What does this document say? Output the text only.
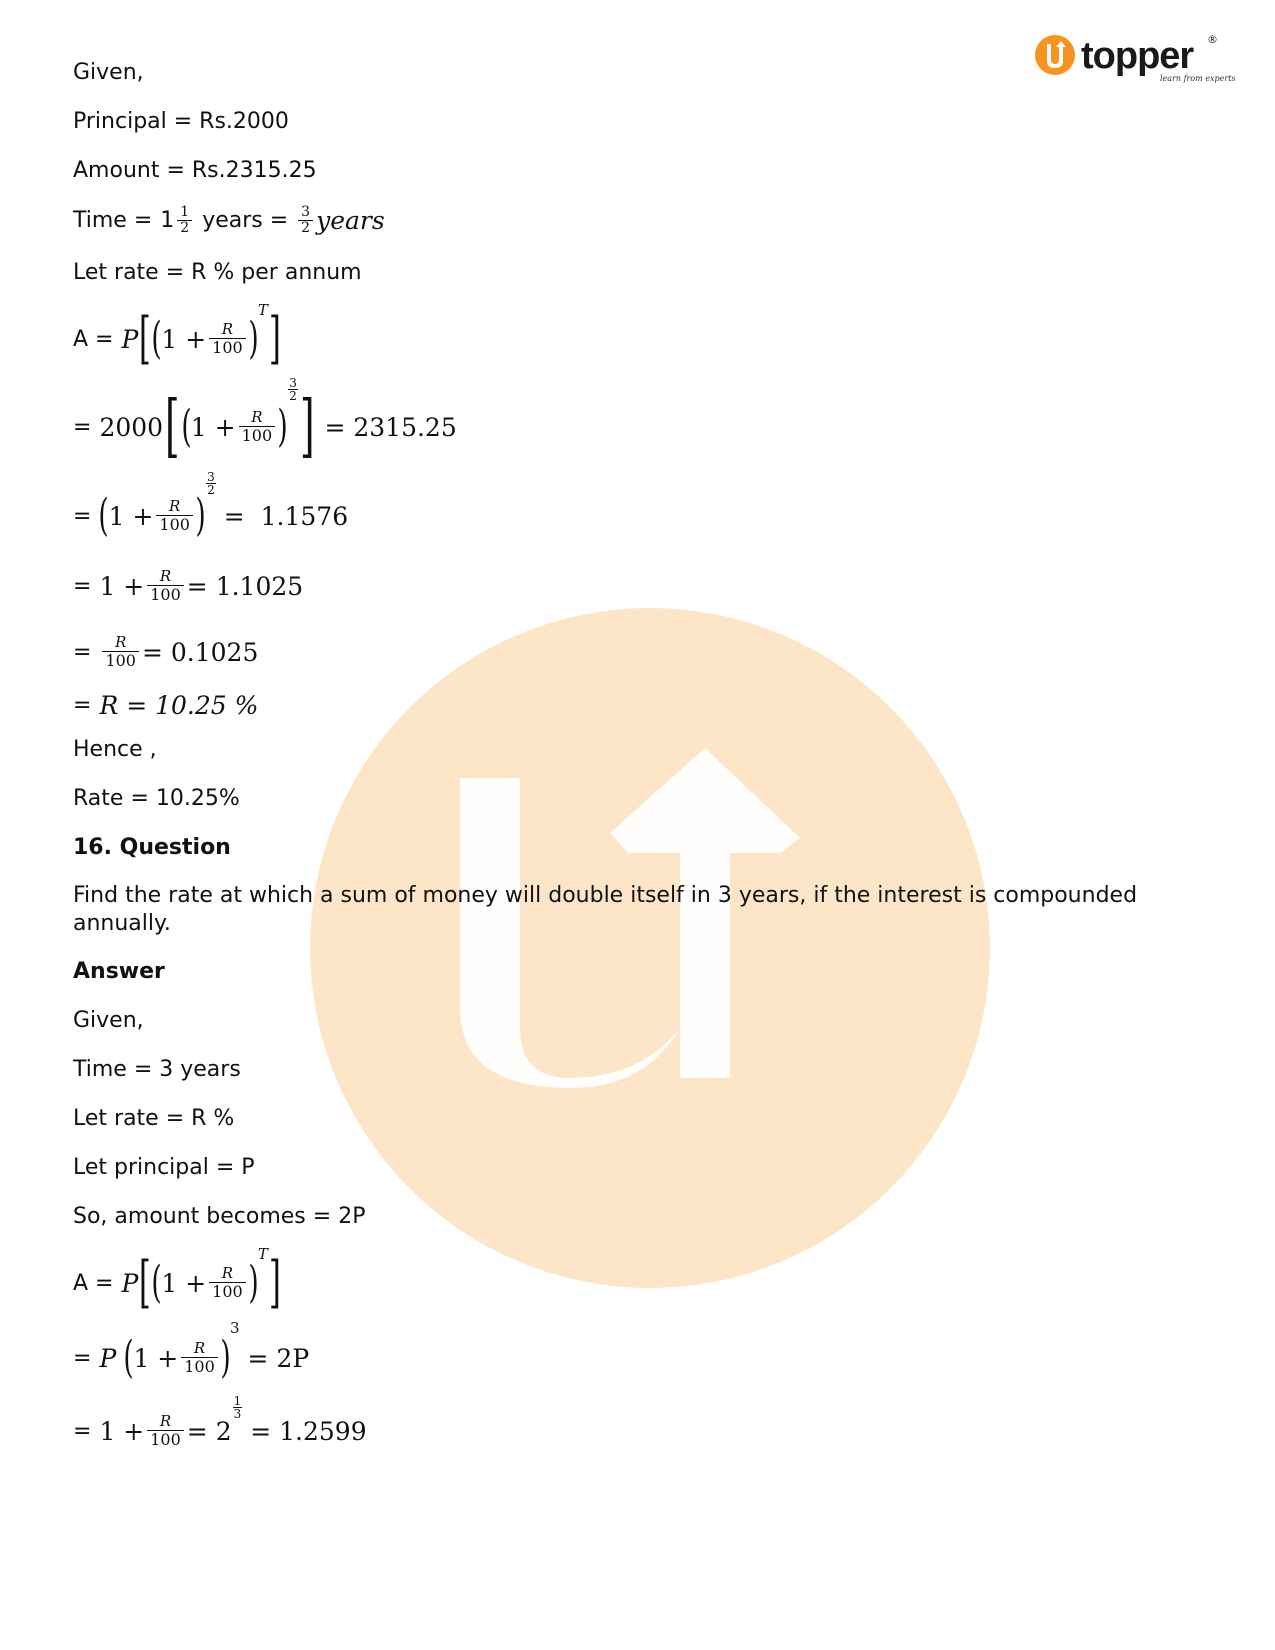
topper ®
learn from experts
Given,
Principal = Rs.2000
Amount = Rs.2315.25
Time = $1 \frac{1}{2}$ years = $\frac{3}{2}$ years
Let rate = R % per annum
A = P [ ( $1 + \frac{R}{100}$ )
T ]
= 2000 [ ( $1 + \frac{R}{100}$ )
3
2 ] = 2315.25
= ( $1 + \frac{R}{100}$ )
3
2
=  1.1576
= $1 + \frac{R}{100} = 1.1025$
= $\frac{R}{100} = 0.1025$
= R = 10.25 %
Hence ,
Rate = 10.25%
16. Question
Find the rate at which a sum of money will double itself in 3 years, if the interest is compounded annually.
Answer
Given,
Time = 3 years
Let rate = R %
Let principal = P
So, amount becomes = 2P
A = P [ ( $1 + \frac{R}{100}$ )
T ]
= P ( $1 + \frac{R}{100}$ )
3
= 2P
= $1 + \frac{R}{100} = 2$
1
3
= 1.2599
